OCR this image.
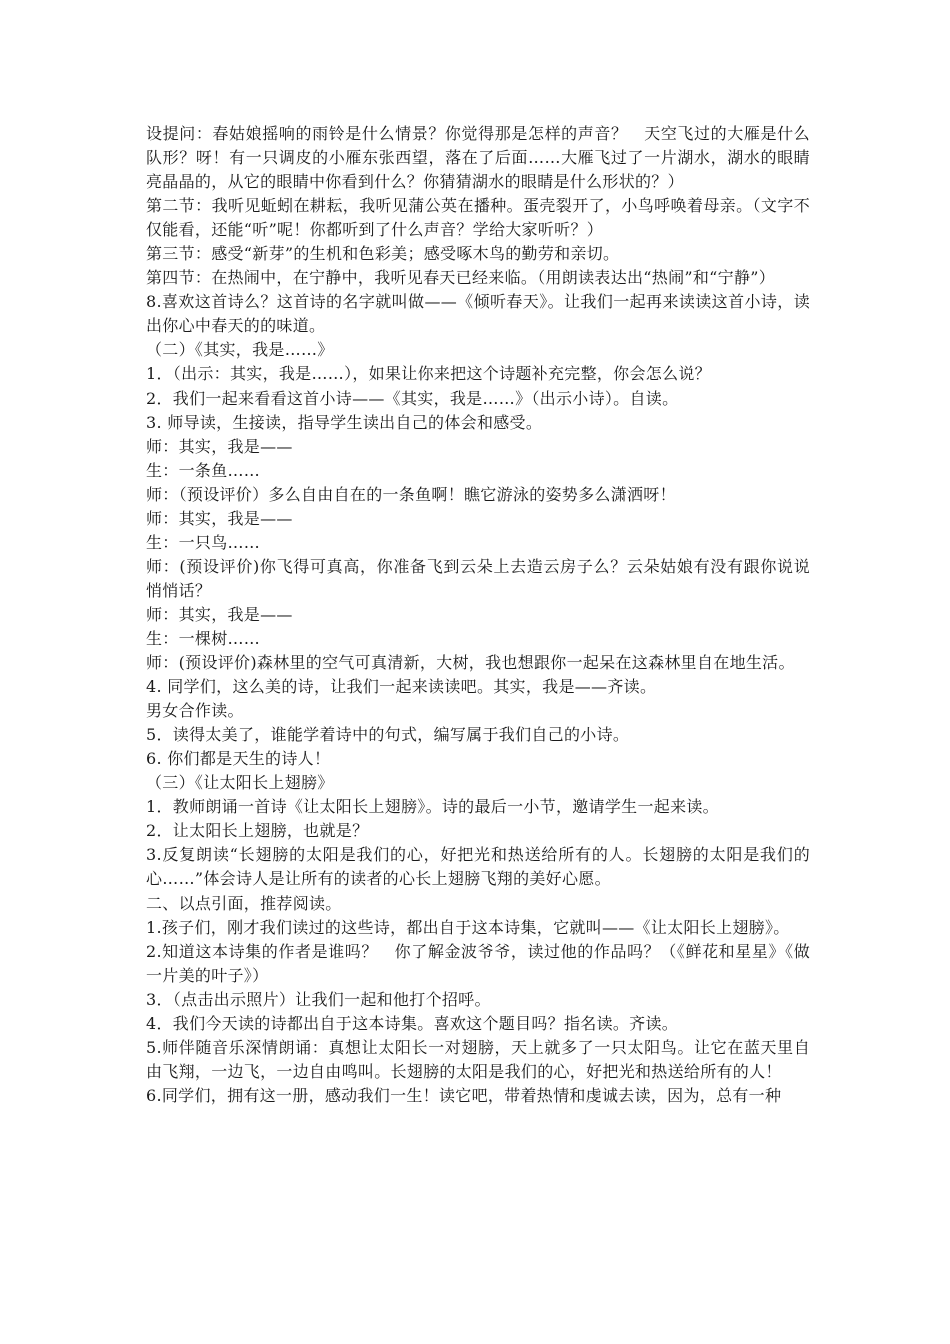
设提问：春姑娘摇响的雨铃是什么情景？你觉得那是怎样的声音？　天空飞过的大雁是什么队形？呀！有一只调皮的小雁东张西望，落在了后面……大雁飞过了一片湖水，湖水的眼睛亮晶晶的，从它的眼睛中你看到什么？你猜猜湖水的眼睛是什么形状的？）

第二节：我听见蚯蚓在耕耘，我听见蒲公英在播种。蛋壳裂开了，小鸟呼唤着母亲。（文字不仅能看，还能“听”呢！你都听到了什么声音？学给大家听听？）

第三节：感受“新芽”的生机和色彩美；感受啄木鸟的勤劳和亲切。

第四节：在热闹中，在宁静中，我听见春天已经来临。（用朗读表达出“热闹”和“宁静”）

8.喜欢这首诗么？这首诗的名字就叫做——《倾听春天》。让我们一起再来读读这首小诗，读出你心中春天的的味道。

（二）《其实，我是……》

1．（出示：其实，我是……），如果让你来把这个诗题补充完整，你会怎么说？

2．我们一起来看看这首小诗——《其实，我是……》（出示小诗）。自读。

3. 师导读，生接读，指导学生读出自己的体会和感受。

师：其实，我是——

生：一条鱼……

师：（预设评价）多么自由自在的一条鱼啊！瞧它游泳的姿势多么潇洒呀！

师：其实，我是——

生：一只鸟……

师：(预设评价)你飞得可真高，你准备飞到云朵上去造云房子么？云朵姑娘有没有跟你说说悄悄话？

师：其实，我是——

生：一棵树……

师：(预设评价)森林里的空气可真清新，大树，我也想跟你一起呆在这森林里自在地生活。

4. 同学们，这么美的诗，让我们一起来读读吧。其实，我是——齐读。

男女合作读。

5．读得太美了，谁能学着诗中的句式，编写属于我们自己的小诗。

6. 你们都是天生的诗人！

（三）《让太阳长上翅膀》

1．教师朗诵一首诗《让太阳长上翅膀》。诗的最后一小节，邀请学生一起来读。

2．让太阳长上翅膀，也就是？

3.反复朗读“长翅膀的太阳是我们的心，好把光和热送给所有的人。长翅膀的太阳是我们的心……”体会诗人是让所有的读者的心长上翅膀飞翔的美好心愿。

二、以点引面，推荐阅读。

1.孩子们，刚才我们读过的这些诗，都出自于这本诗集，它就叫——《让太阳长上翅膀》。

2.知道这本诗集的作者是谁吗？　你了解金波爷爷，读过他的作品吗？（《鲜花和星星》《做一片美的叶子》）

3．（点击出示照片）让我们一起和他打个招呼。

4．我们今天读的诗都出自于这本诗集。喜欢这个题目吗？指名读。齐读。

5.师伴随音乐深情朗诵：真想让太阳长一对翅膀，天上就多了一只太阳鸟。让它在蓝天里自由飞翔，一边飞，一边自由鸣叫。长翅膀的太阳是我们的心，好把光和热送给所有的人！

6.同学们，拥有这一册，感动我们一生！读它吧，带着热情和虔诚去读，因为，总有一种
